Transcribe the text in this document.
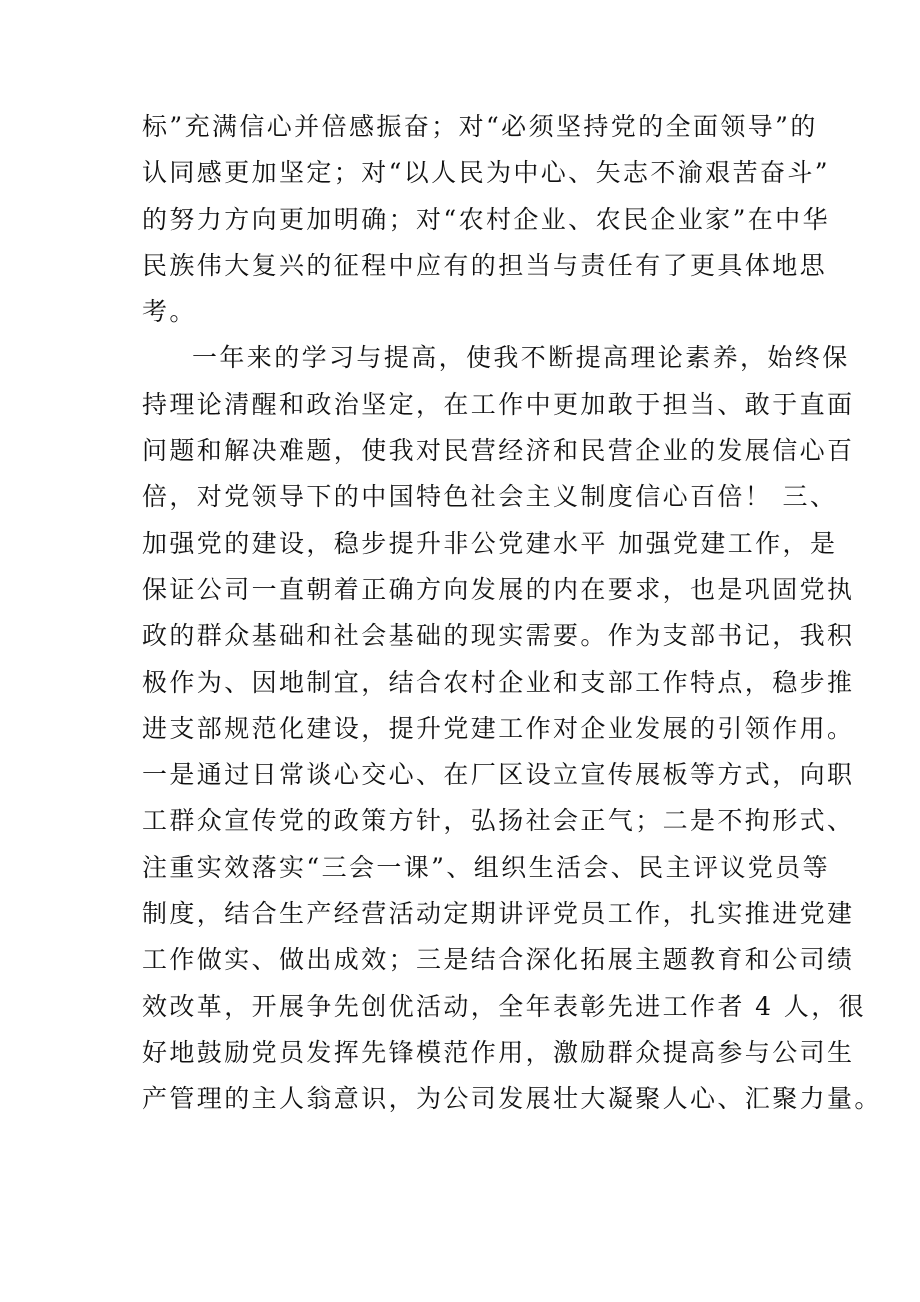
标”充满信心并倍感振奋；对“必须坚持党的全面领导”的
认同感更加坚定；对“以人民为中心、矢志不渝艰苦奋斗”
的努力方向更加明确；对“农村企业、农民企业家”在中华
民族伟大复兴的征程中应有的担当与责任有了更具体地思
考。
一年来的学习与提高，使我不断提高理论素养，始终保
持理论清醒和政治坚定，在工作中更加敢于担当、敢于直面
问题和解决难题，使我对民营经济和民营企业的发展信心百
倍，对党领导下的中国特色社会主义制度信心百倍！ 三、
加强党的建设，稳步提升非公党建水平 加强党建工作，是
保证公司一直朝着正确方向发展的内在要求，也是巩固党执
政的群众基础和社会基础的现实需要。作为支部书记，我积
极作为、因地制宜，结合农村企业和支部工作特点，稳步推
进支部规范化建设，提升党建工作对企业发展的引领作用。
一是通过日常谈心交心、在厂区设立宣传展板等方式，向职
工群众宣传党的政策方针，弘扬社会正气；二是不拘形式、
注重实效落实“三会一课”、组织生活会、民主评议党员等
制度，结合生产经营活动定期讲评党员工作，扎实推进党建
工作做实、做出成效；三是结合深化拓展主题教育和公司绩
效改革，开展争先创优活动，全年表彰先进工作者 4 人，很
好地鼓励党员发挥先锋模范作用，激励群众提高参与公司生
产管理的主人翁意识，为公司发展壮大凝聚人心、汇聚力量。
